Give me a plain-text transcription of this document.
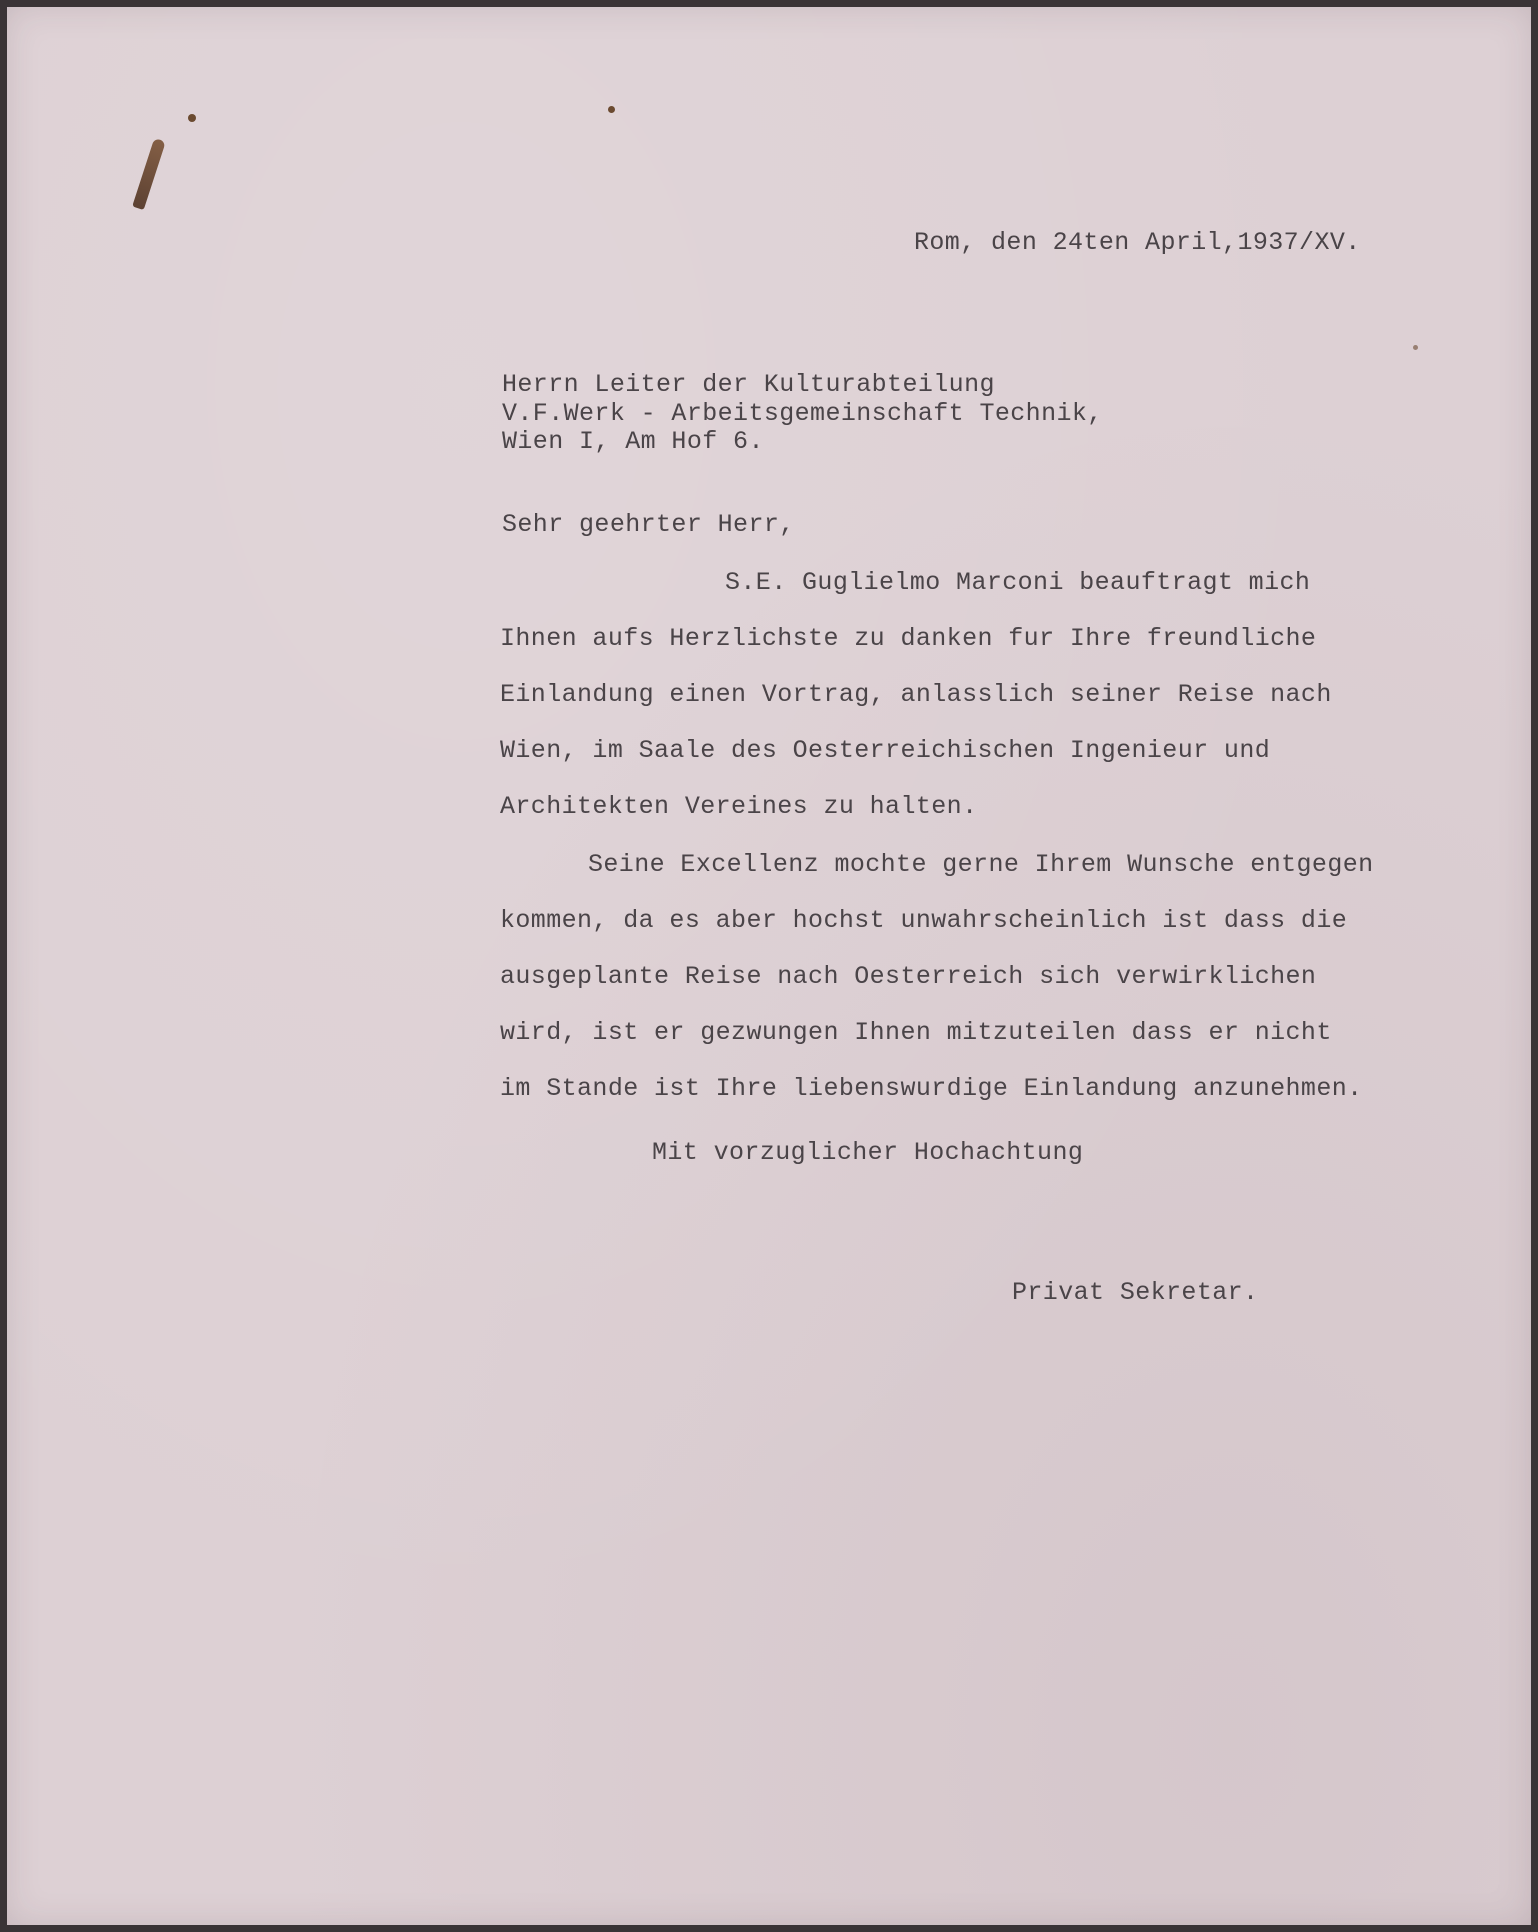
Rom, den 24ten April,1937/XV.
Herrn Leiter der Kulturabteilung
V.F.Werk - Arbeitsgemeinschaft Technik,
Wien I, Am Hof 6.
Sehr geehrter Herr,
S.E. Guglielmo Marconi beauftragt mich
Ihnen aufs Herzlichste zu danken fur Ihre freundliche
Einlandung einen Vortrag, anlasslich seiner Reise nach
Wien, im Saale des Oesterreichischen Ingenieur und
Architekten Vereines zu halten.
Seine Excellenz mochte gerne Ihrem Wunsche entgegen
kommen, da es aber hochst unwahrscheinlich ist dass die
ausgeplante Reise nach Oesterreich sich verwirklichen
wird, ist er gezwungen Ihnen mitzuteilen dass er nicht
im Stande ist Ihre liebenswurdige Einlandung anzunehmen.
Mit vorzuglicher Hochachtung
Privat Sekretar.
